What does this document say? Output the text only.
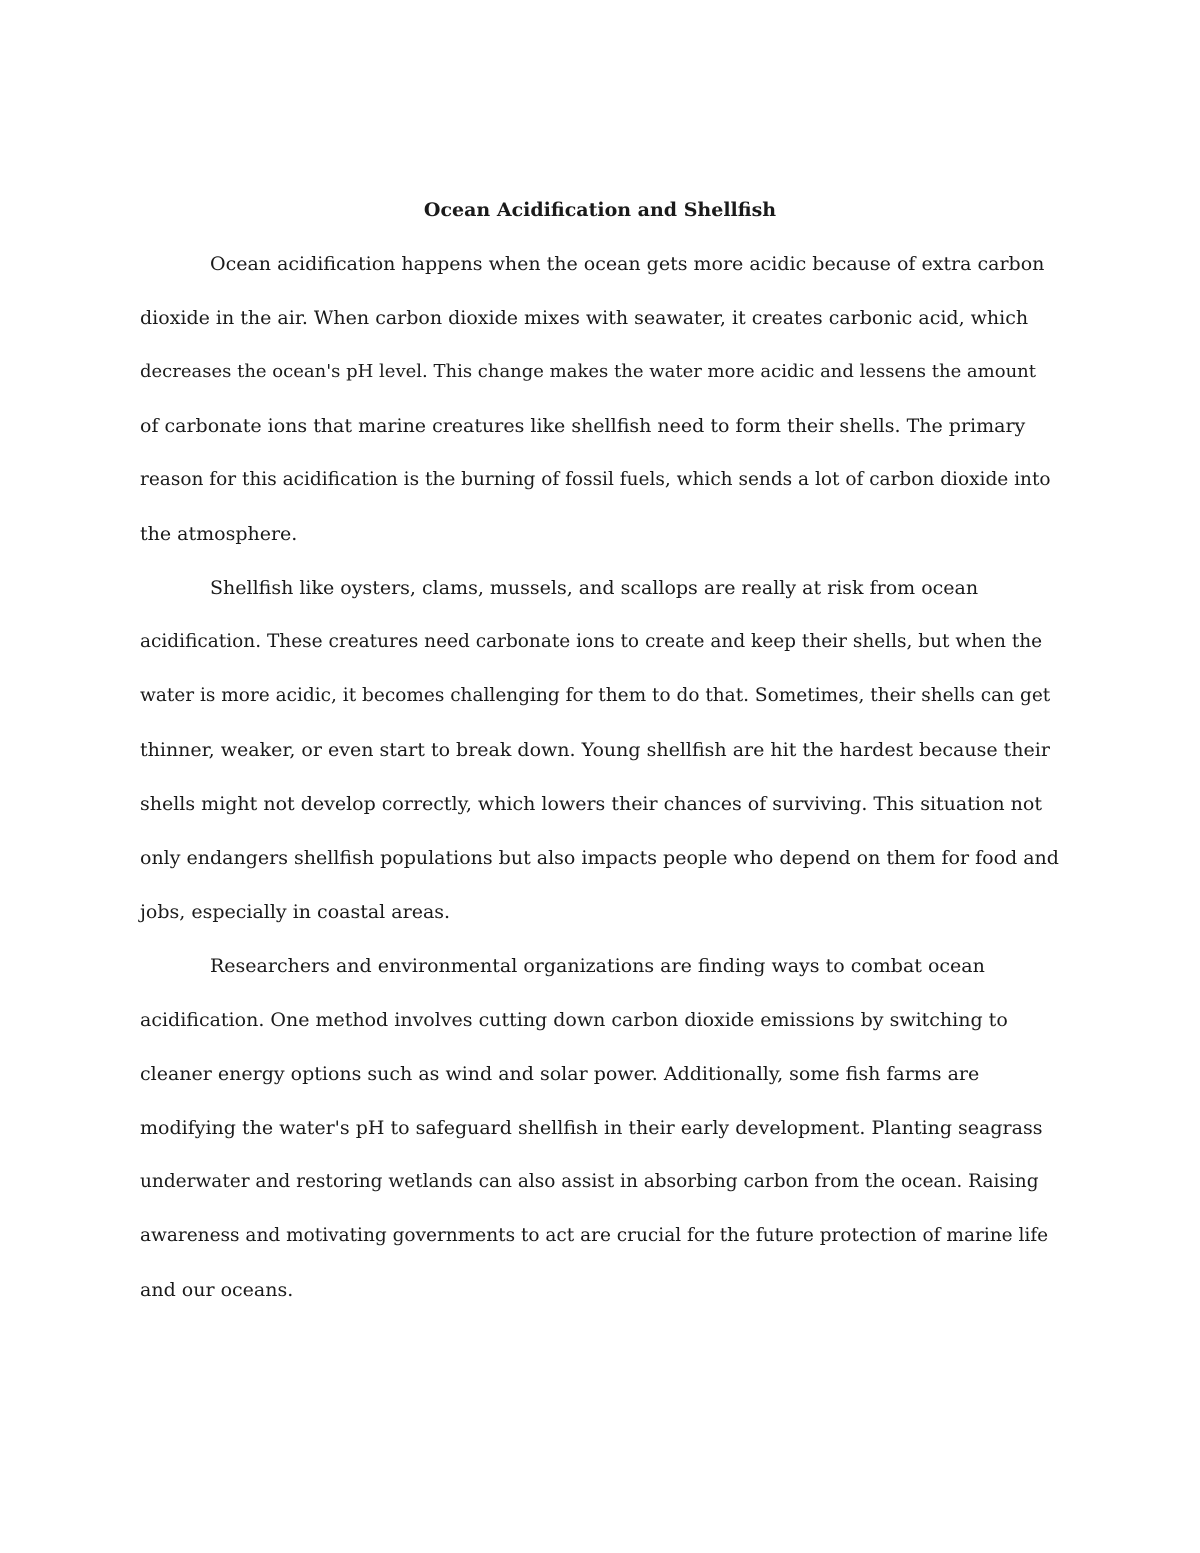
Ocean Acidification and Shellfish
Ocean acidification happens when the ocean gets more acidic because of extra carbon
dioxide in the air. When carbon dioxide mixes with seawater, it creates carbonic acid, which
decreases the ocean's pH level. This change makes the water more acidic and lessens the amount
of carbonate ions that marine creatures like shellfish need to form their shells. The primary
reason for this acidification is the burning of fossil fuels, which sends a lot of carbon dioxide into
the atmosphere.
Shellfish like oysters, clams, mussels, and scallops are really at risk from ocean
acidification. These creatures need carbonate ions to create and keep their shells, but when the
water is more acidic, it becomes challenging for them to do that. Sometimes, their shells can get
thinner, weaker, or even start to break down. Young shellfish are hit the hardest because their
shells might not develop correctly, which lowers their chances of surviving. This situation not
only endangers shellfish populations but also impacts people who depend on them for food and
jobs, especially in coastal areas.
Researchers and environmental organizations are finding ways to combat ocean
acidification. One method involves cutting down carbon dioxide emissions by switching to
cleaner energy options such as wind and solar power. Additionally, some fish farms are
modifying the water's pH to safeguard shellfish in their early development. Planting seagrass
underwater and restoring wetlands can also assist in absorbing carbon from the ocean. Raising
awareness and motivating governments to act are crucial for the future protection of marine life
and our oceans.
